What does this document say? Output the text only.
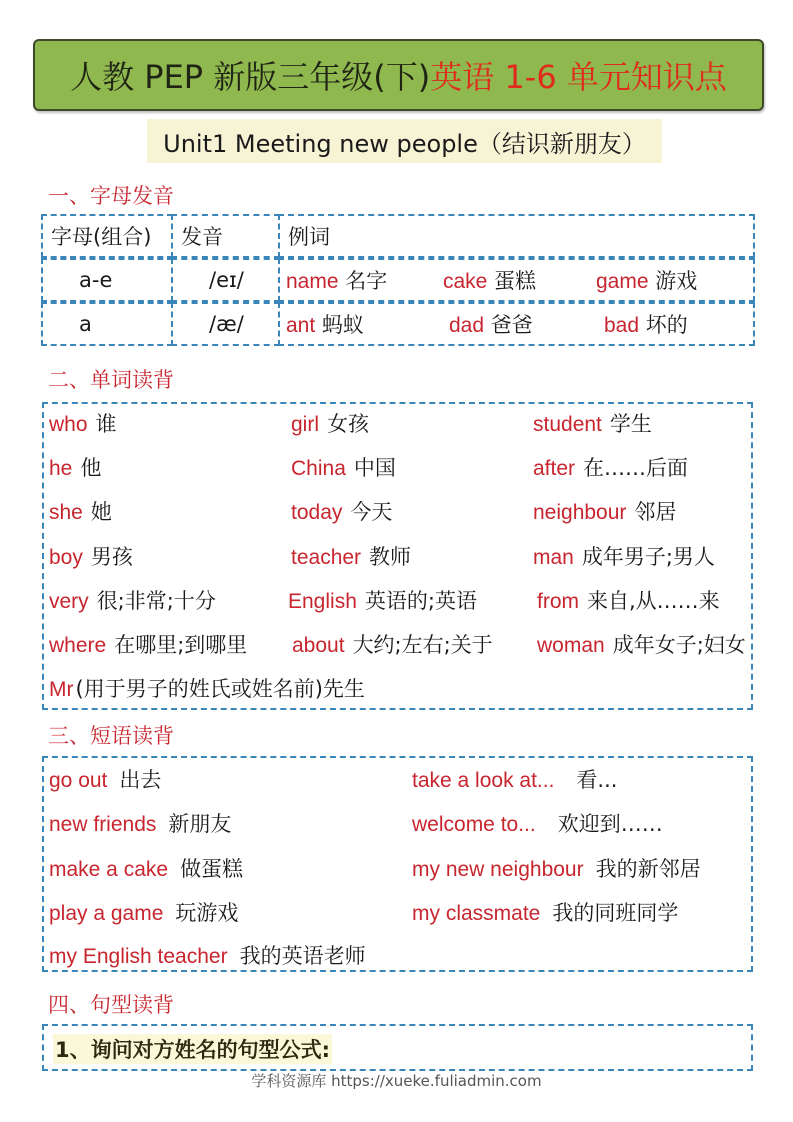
人教 PEP 新版三年级(下) 英语 1-6 单元知识点
Unit1 Meeting new people（结识新朋友）
一、字母发音
字母(组合)	发音	例词
a-e	/eɪ/	name 名字	cake 蛋糕	game 游戏
a	/æ/	ant 蚂蚁	dad 爸爸	bad 坏的
二、单词读背
who 谁	girl 女孩	student 学生
he 他	China 中国	after 在……后面
she 她	today 今天	neighbour 邻居
boy 男孩	teacher 教师	man 成年男子;男人
very 很;非常;十分	English 英语的;英语	from 来自,从……来
where 在哪里;到哪里 about 大约;左右;关于 woman 成年女子;妇女
Mr(用于男子的姓氏或姓名前)先生
三、短语读背
go out 出去	take a look at... 看...
new friends 新朋友	welcome to... 欢迎到……
make a cake 做蛋糕	my new neighbour 我的新邻居
play a game 玩游戏	my classmate 我的同班同学
my English teacher 我的英语老师
四、句型读背
1、询问对方姓名的句型公式:
学科资源库 https://xueke.fuliadmin.com
